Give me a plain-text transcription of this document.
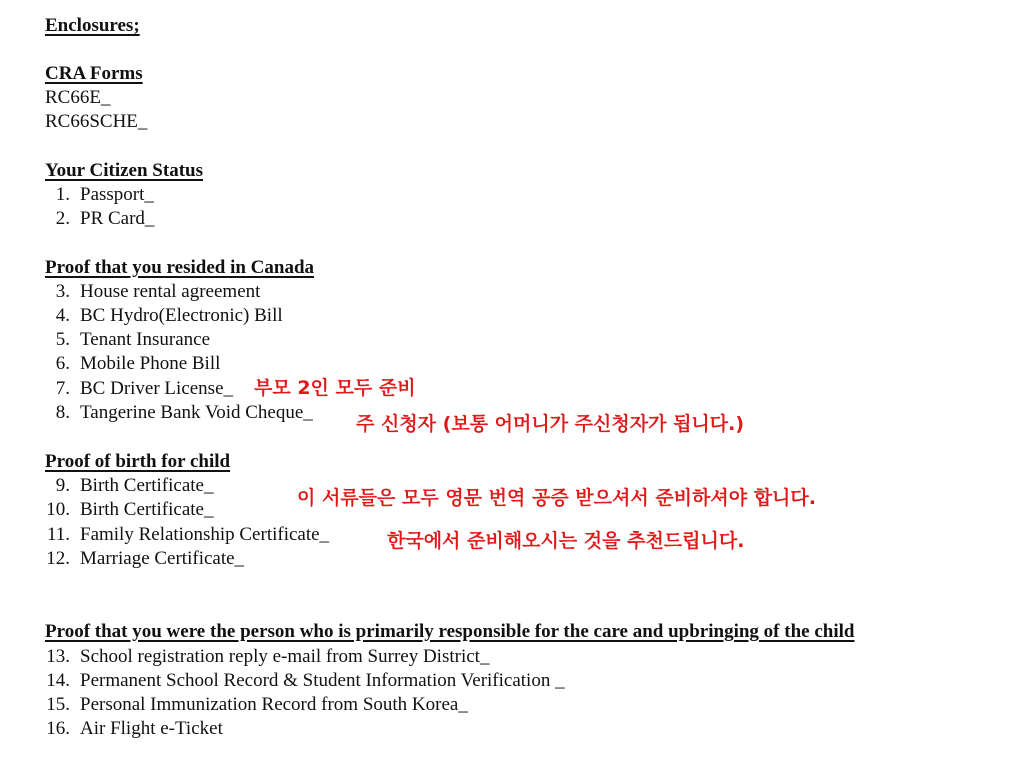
Enclosures;
CRA Forms
RC66E_
RC66SCHE_
Your Citizen Status
1. Passport_
2. PR Card_
Proof that you resided in Canada
3. House rental agreement
4. BC Hydro(Electronic) Bill
5. Tenant Insurance
6. Mobile Phone Bill
7. BC Driver License_
8. Tangerine Bank Void Cheque_
Proof of birth for child
9. Birth Certificate_
10. Birth Certificate_
11. Family Relationship Certificate_
12. Marriage Certificate_
Proof that you were the person who is primarily responsible for the care and upbringing of the child
13. School registration reply e-mail from Surrey District_
14. Permanent School Record & Student Information Verification _
15. Personal Immunization Record from South Korea_
16. Air Flight e-Ticket
부모 2인 모두 준비
주 신청자 (보통 어머니가 주신청자가 됩니다.)
이 서류들은 모두 영문 번역 공증 받으셔서 준비하셔야 합니다.
한국에서 준비해오시는 것을 추천드립니다.
